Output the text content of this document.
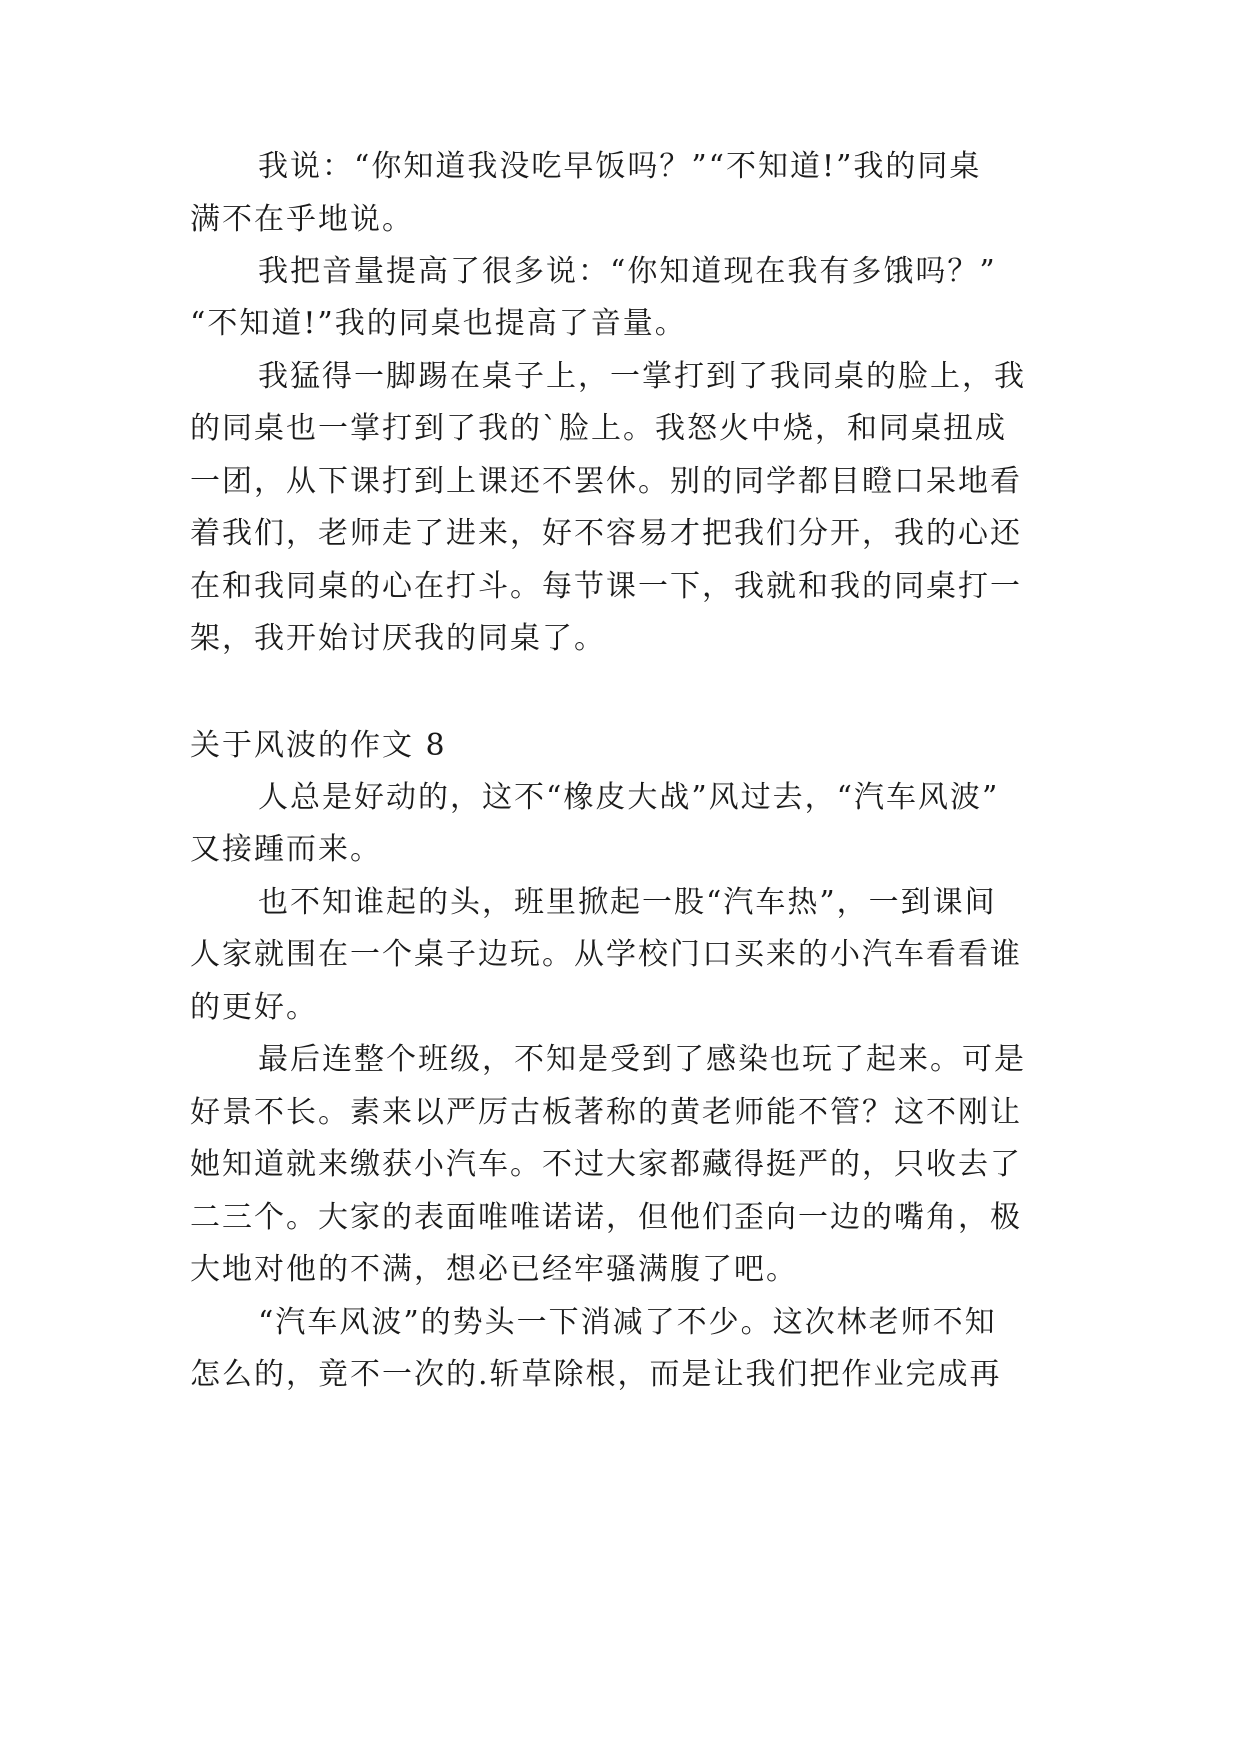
我说：“你知道我没吃早饭吗？”“不知道!”我的同桌
满不在乎地说。
我把音量提高了很多说：“你知道现在我有多饿吗？”
“不知道!”我的同桌也提高了音量。
我猛得一脚踢在桌子上，一掌打到了我同桌的脸上，我
的同桌也一掌打到了我的`脸上。我怒火中烧，和同桌扭成
一团，从下课打到上课还不罢休。别的同学都目瞪口呆地看
着我们，老师走了进来，好不容易才把我们分开，我的心还
在和我同桌的心在打斗。每节课一下，我就和我的同桌打一
架，我开始讨厌我的同桌了。
关于风波的作文 8
人总是好动的，这不“橡皮大战”风过去，“汽车风波”
又接踵而来。
也不知谁起的头，班里掀起一股“汽车热”，一到课间
人家就围在一个桌子边玩。从学校门口买来的小汽车看看谁
的更好。
最后连整个班级，不知是受到了感染也玩了起来。可是
好景不长。素来以严厉古板著称的黄老师能不管？这不刚让
她知道就来缴获小汽车。不过大家都藏得挺严的，只收去了
二三个。大家的表面唯唯诺诺，但他们歪向一边的嘴角，极
大地对他的不满，想必已经牢骚满腹了吧。
“汽车风波”的势头一下消减了不少。这次林老师不知
怎么的，竟不一次的.斩草除根，而是让我们把作业完成再
